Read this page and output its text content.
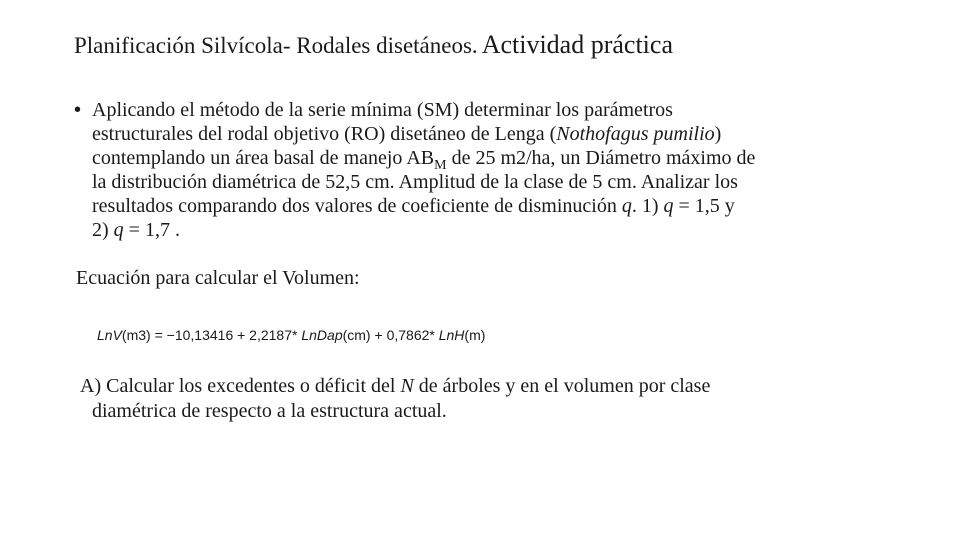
Planificación Silvícola- Rodales disetáneos. Actividad práctica
• Aplicando el método de la serie mínima (SM) determinar los parámetros
estructurales del rodal objetivo (RO) disetáneo de Lenga (Nothofagus pumilio)
contemplando un área basal de manejo $AB_M$ de 25 m2/ha, un Diámetro máximo de
la distribución diamétrica de 52,5 cm. Amplitud de la clase de 5 cm. Analizar los
resultados comparando dos valores de coeficiente de disminución q. 1) q = 1,5 y
2) q = 1,7 .
Ecuación para calcular el Volumen:
LnV(m3) = −10,13416 + 2,2187* LnDap(cm) + 0,7862* LnH(m)
A) Calcular los excedentes o déficit del N de árboles y en el volumen por clase
diamétrica de respecto a la estructura actual.
